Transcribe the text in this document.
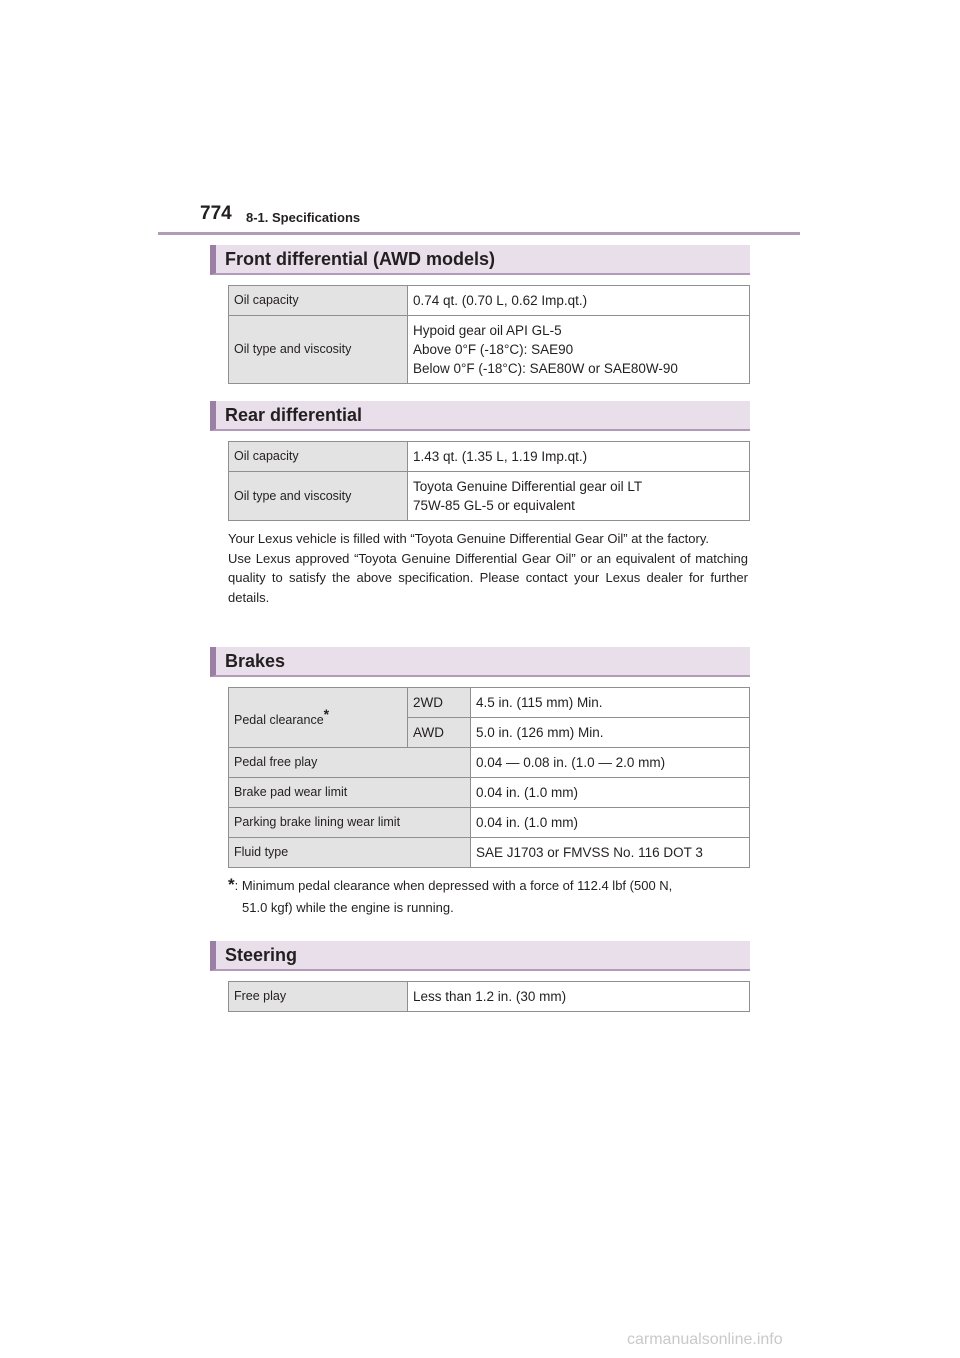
774 8-1. Specifications
Front differential (AWD models)
Oil capacity	0.74 qt. (0.70 L, 0.62 Imp.qt.)
Oil type and viscosity	Hypoid gear oil API GL-5
Above 0°F (-18°C): SAE90
Below 0°F (-18°C): SAE80W or SAE80W-90
Rear differential
Oil capacity	1.43 qt. (1.35 L, 1.19 Imp.qt.)
Oil type and viscosity	Toyota Genuine Differential gear oil LT
75W-85 GL-5 or equivalent

Your Lexus vehicle is filled with “Toyota Genuine Differential Gear Oil” at the factory.

Use Lexus approved “Toyota Genuine Differential Gear Oil” or an equivalent of matching quality to satisfy the above specification. Please contact your Lexus dealer for further details.

Brakes
Pedal clearance*	2WD	4.5 in. (115 mm) Min.
	AWD	5.0 in. (126 mm) Min.
Pedal free play		0.04 — 0.08 in. (1.0 — 2.0 mm)
Brake pad wear limit		0.04 in. (1.0 mm)
Parking brake lining wear limit		0.04 in. (1.0 mm)
Fluid type		SAE J1703 or FMVSS No. 116 DOT 3
*: Minimum pedal clearance when depressed with a force of 112.4 lbf (500 N,
51.0 kgf) while the engine is running.
Steering
Free play	Less than 1.2 in. (30 mm)
carmanualsonline.info
